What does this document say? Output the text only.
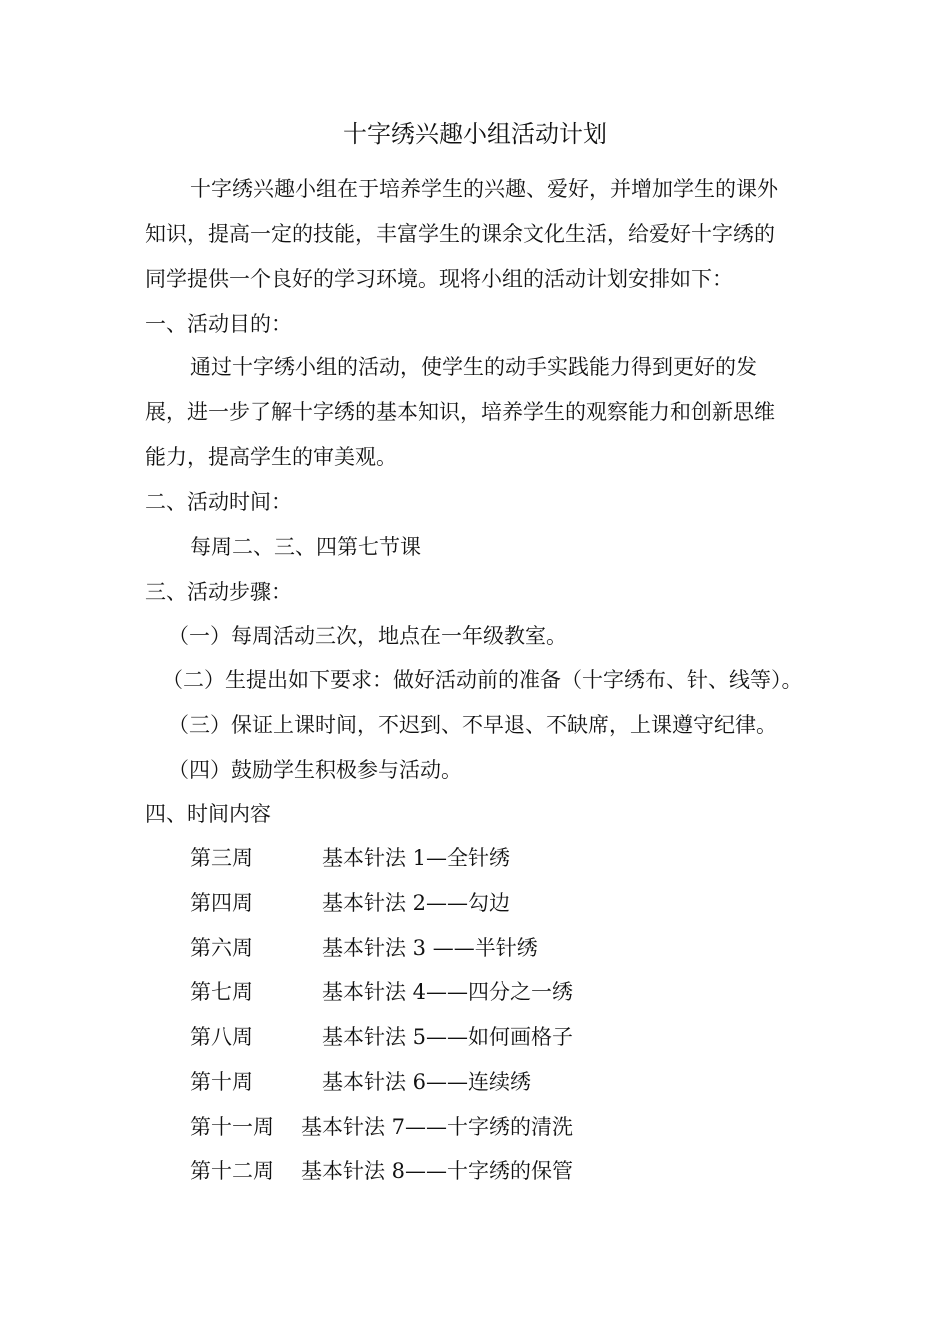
十字绣兴趣小组活动计划
十字绣兴趣小组在于培养学生的兴趣、爱好，并增加学生的课外
知识，提高一定的技能，丰富学生的课余文化生活，给爱好十字绣的
同学提供一个良好的学习环境。现将小组的活动计划安排如下：
一、活动目的：
通过十字绣小组的活动，使学生的动手实践能力得到更好的发
展，进一步了解十字绣的基本知识，培养学生的观察能力和创新思维
能力，提高学生的审美观。
二、活动时间：
每周二、三、四第七节课
三、活动步骤：
（一）每周活动三次，地点在一年级教室。
（二）生提出如下要求：做好活动前的准备（十字绣布、针、线等）。
（三）保证上课时间，不迟到、不早退、不缺席，上课遵守纪律。
（四）鼓励学生积极参与活动。
四、时间内容
第三周	基本针法 1—全针绣
第四周	基本针法 2——勾边
第六周	基本针法 3 ——半针绣
第七周	基本针法 4——四分之一绣
第八周	基本针法 5——如何画格子
第十周	基本针法 6——连续绣
第十一周 基本针法 7——十字绣的清洗
第十二周 基本针法 8——十字绣的保管
